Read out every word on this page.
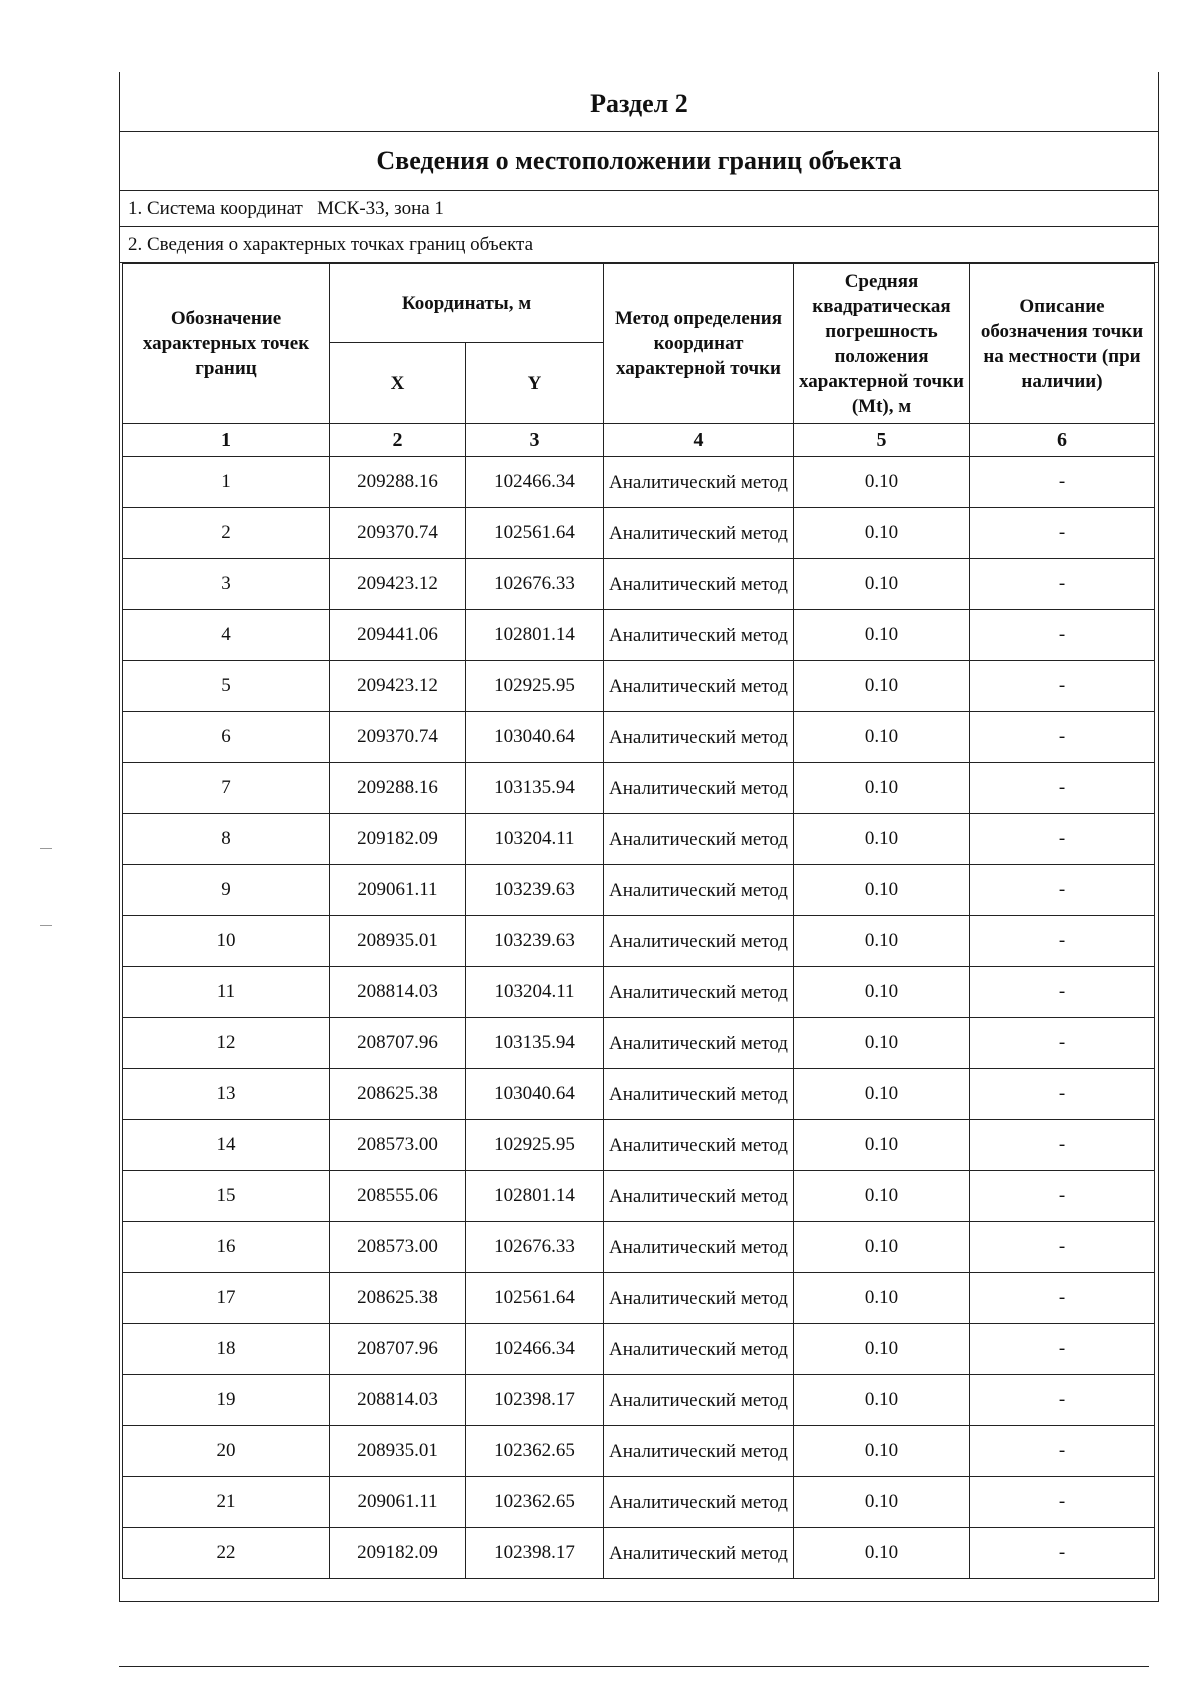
Раздел 2
Сведения о местоположении границ объекта
1. Система координат
МСК-33, зона 1
2. Сведения о характерных точках границ объекта
Обозначение характерных точек границ	Координаты, м		Метод определения координат характерной точки	Средняя квадратическая погрешность положения характерной точки (Mt), м	Описание обозначения точки на местности (при наличии)
	X	Y			
1	2	3	4	5	6
1	209288.16	102466.34	Аналитический метод	0.10	-
2	209370.74	102561.64	Аналитический метод	0.10	-
3	209423.12	102676.33	Аналитический метод	0.10	-
4	209441.06	102801.14	Аналитический метод	0.10	-
5	209423.12	102925.95	Аналитический метод	0.10	-
6	209370.74	103040.64	Аналитический метод	0.10	-
7	209288.16	103135.94	Аналитический метод	0.10	-
8	209182.09	103204.11	Аналитический метод	0.10	-
9	209061.11	103239.63	Аналитический метод	0.10	-
10	208935.01	103239.63	Аналитический метод	0.10	-
11	208814.03	103204.11	Аналитический метод	0.10	-
12	208707.96	103135.94	Аналитический метод	0.10	-
13	208625.38	103040.64	Аналитический метод	0.10	-
14	208573.00	102925.95	Аналитический метод	0.10	-
15	208555.06	102801.14	Аналитический метод	0.10	-
16	208573.00	102676.33	Аналитический метод	0.10	-
17	208625.38	102561.64	Аналитический метод	0.10	-
18	208707.96	102466.34	Аналитический метод	0.10	-
19	208814.03	102398.17	Аналитический метод	0.10	-
20	208935.01	102362.65	Аналитический метод	0.10	-
21	209061.11	102362.65	Аналитический метод	0.10	-
22	209182.09	102398.17	Аналитический метод	0.10	-
